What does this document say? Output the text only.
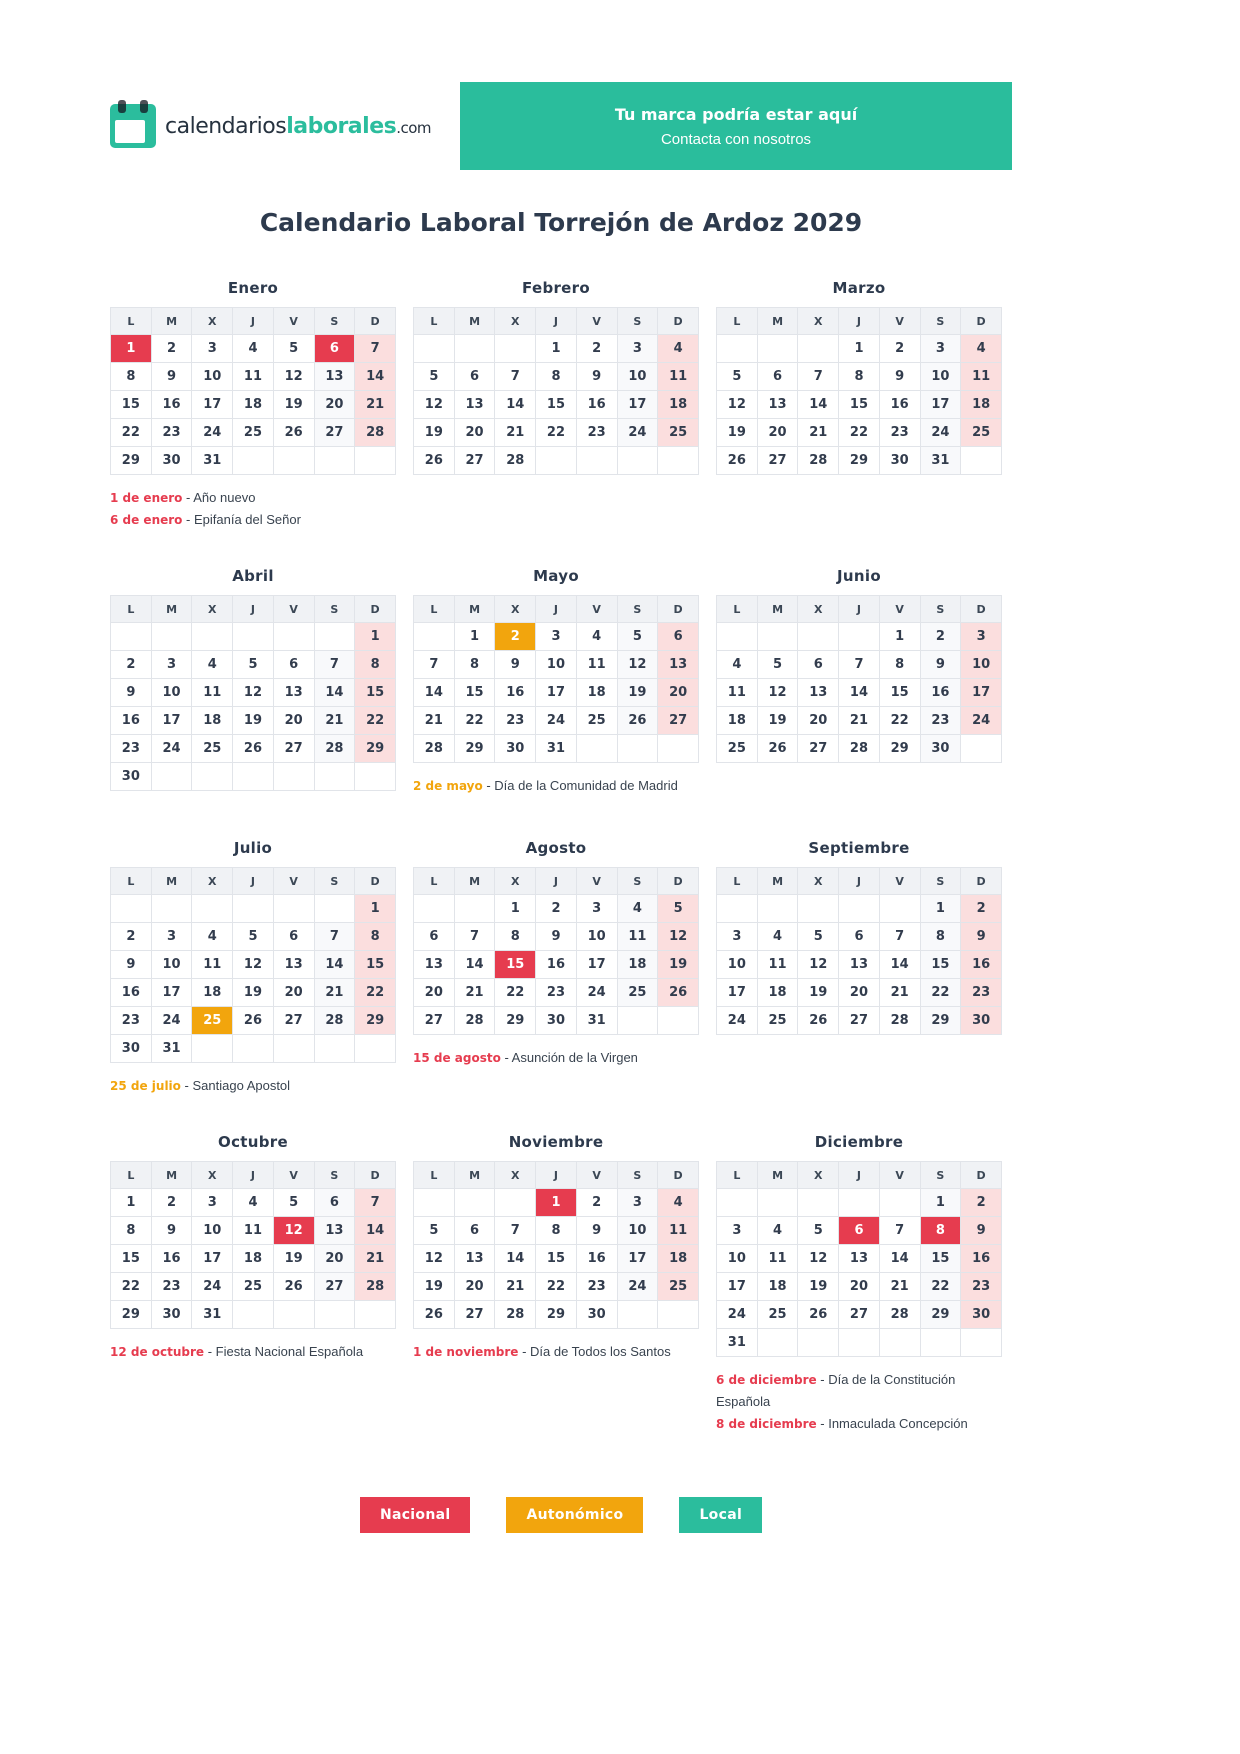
calendarioslaborales.com
Tu marca podría estar aquí
Contacta con nosotros
Calendario Laboral Torrejón de Ardoz 2029
Enero
L	M	X	J	V	S	D
1	2	3	4	5	6	7
8	9	10	11	12	13	14
15	16	17	18	19	20	21
22	23	24	25	26	27	28
29	30	31				
1 de enero - Año nuevo
6 de enero - Epifanía del Señor
Febrero
L	M	X	J	V	S	D
			1	2	3	4
5	6	7	8	9	10	11
12	13	14	15	16	17	18
19	20	21	22	23	24	25
26	27	28				
Marzo
L	M	X	J	V	S	D
			1	2	3	4
5	6	7	8	9	10	11
12	13	14	15	16	17	18
19	20	21	22	23	24	25
26	27	28	29	30	31	
Abril
L	M	X	J	V	S	D
						1
2	3	4	5	6	7	8
9	10	11	12	13	14	15
16	17	18	19	20	21	22
23	24	25	26	27	28	29
30						
Mayo
L	M	X	J	V	S	D
	1	2	3	4	5	6
7	8	9	10	11	12	13
14	15	16	17	18	19	20
21	22	23	24	25	26	27
28	29	30	31			
2 de mayo - Día de la Comunidad de Madrid
Junio
L	M	X	J	V	S	D
				1	2	3
4	5	6	7	8	9	10
11	12	13	14	15	16	17
18	19	20	21	22	23	24
25	26	27	28	29	30	
Julio
L	M	X	J	V	S	D
						1
2	3	4	5	6	7	8
9	10	11	12	13	14	15
16	17	18	19	20	21	22
23	24	25	26	27	28	29
30	31					
25 de julio - Santiago Apostol
Agosto
L	M	X	J	V	S	D
		1	2	3	4	5
6	7	8	9	10	11	12
13	14	15	16	17	18	19
20	21	22	23	24	25	26
27	28	29	30	31		
15 de agosto - Asunción de la Virgen
Septiembre
L	M	X	J	V	S	D
					1	2
3	4	5	6	7	8	9
10	11	12	13	14	15	16
17	18	19	20	21	22	23
24	25	26	27	28	29	30
Octubre
L	M	X	J	V	S	D
1	2	3	4	5	6	7
8	9	10	11	12	13	14
15	16	17	18	19	20	21
22	23	24	25	26	27	28
29	30	31				
12 de octubre - Fiesta Nacional Española
Noviembre
L	M	X	J	V	S	D
			1	2	3	4
5	6	7	8	9	10	11
12	13	14	15	16	17	18
19	20	21	22	23	24	25
26	27	28	29	30		
1 de noviembre - Día de Todos los Santos
Diciembre
L	M	X	J	V	S	D
					1	2
3	4	5	6	7	8	9
10	11	12	13	14	15	16
17	18	19	20	21	22	23
24	25	26	27	28	29	30
31						
6 de diciembre - Día de la Constitución Española
8 de diciembre - Inmaculada Concepción
Nacional	Autonómico	Local
